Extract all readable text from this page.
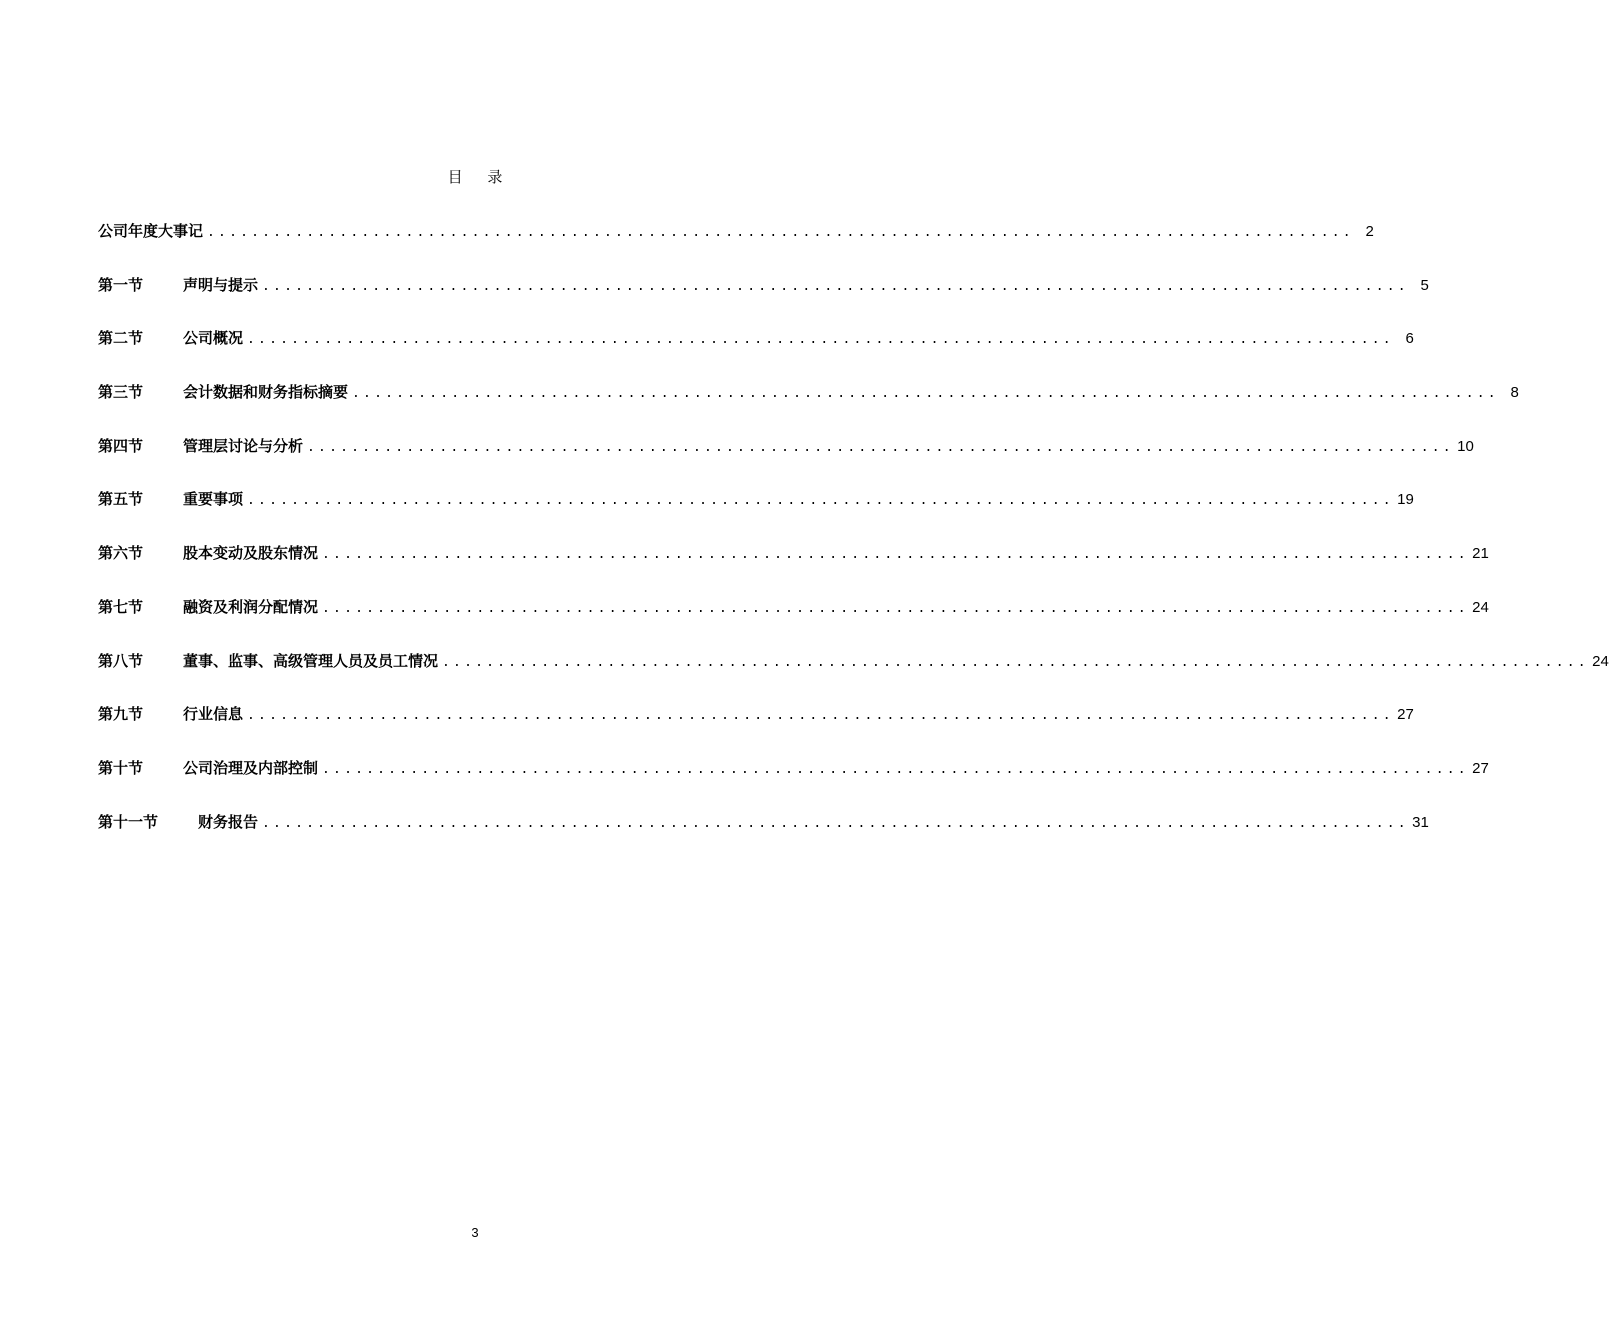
目 录
公司年度大事记 ........................................................................................................ 2
第一节	声明与提示 ........................................................................................................ 5
第二节	公司概况 ........................................................................................................ 6
第三节	会计数据和财务指标摘要 ........................................................................................................ 8
第四节	管理层讨论与分析 ........................................................................................................ 10
第五节	重要事项 ........................................................................................................ 19
第六节	股本变动及股东情况 ........................................................................................................ 21
第七节	融资及利润分配情况 ........................................................................................................ 24
第八节	董事、监事、高级管理人员及员工情况 ........................................................................................................ 24
第九节	行业信息 ........................................................................................................ 27
第十节	公司治理及内部控制 ........................................................................................................ 27
第十一节	财务报告 ........................................................................................................ 31
3
